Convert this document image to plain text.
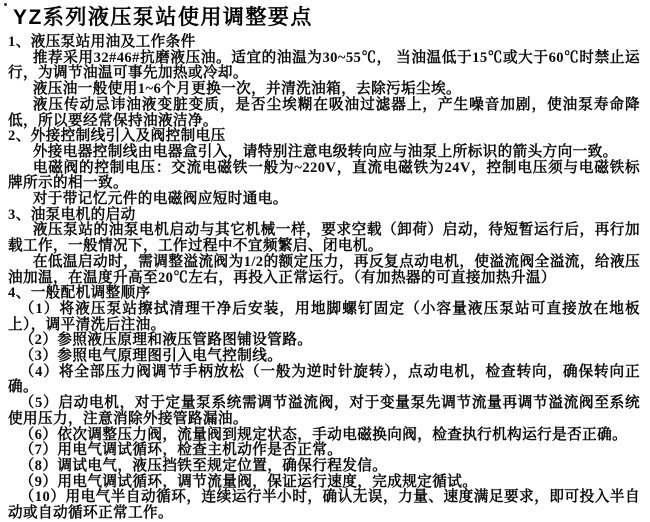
YZ系列液压泵站使用调整要点
1、液压泵站用油及工作条件
推荐采用32#46#抗磨液压油。适宜的油温为30~55℃， 当油温低于15℃或大于60℃时禁止运行，为调节油温可事先加热或冷却。
液压油一般使用1~6个月更换一次，并清洗油箱，去除污垢尘埃。
液压传动忌讳油液变脏变质，是否尘埃糊在吸油过滤器上，产生噪音加剧，使油泵寿命降低，所以要经常保持油液洁净。
2、外接控制线引入及阀控制电压
外接电器控制线由电器盒引入，请特别注意电级转向应与油泵上所标识的箭头方向一致。
电磁阀的控制电压：交流电磁铁一般为~220V，直流电磁铁为24V，控制电压须与电磁铁标牌所示的相一致。
对于带记忆元件的电磁阀应短时通电。
3、油泵电机的启动
液压泵站的油泵电机启动与其它机械一样，要求空载（卸荷）启动，待短暂运行后，再行加载工作，一般情况下，工作过程中不宜频繁启、闭电机。
在低温启动时，需调整溢流阀为1/2的额定压力，再反复点动电机，使溢流阀全溢流，给液压油加温，在温度升高至20℃左右，再投入正常运行。（有加热器的可直接加热升温）
4、一般配机调整顺序
（1）将液压泵站擦拭清理干净后安装，用地脚螺钉固定（小容量液压泵站可直接放在地板上），调平清洗后注油。
（2）参照液压原理和液压管路图铺设管路。
（3）参照电气原理图引入电气控制线。
（4）将全部压力阀调节手柄放松（一般为逆时针旋转），点动电机，检查转向，确保转向正确。
（5）启动电机，对于定量泵系统需调节溢流阀，对于变量泵先调节流量再调节溢流阀至系统使用压力，注意消除外接管路漏油。
（6）依次调整压力阀，流量阀到规定状态，手动电磁换向阀，检查执行机构运行是否正确。
（7）用电气调试循环，检查主机动作是否正常。
（8）调试电气，液压挡铁至规定位置，确保行程发信。
（9）用电气调试循环，调节流量阀，保证运行速度，完成规定循试。
（10）用电气半自动循环，连续运行半小时，确认无误，力量、速度满足要求，即可投入半自动或自动循环正常工作。
